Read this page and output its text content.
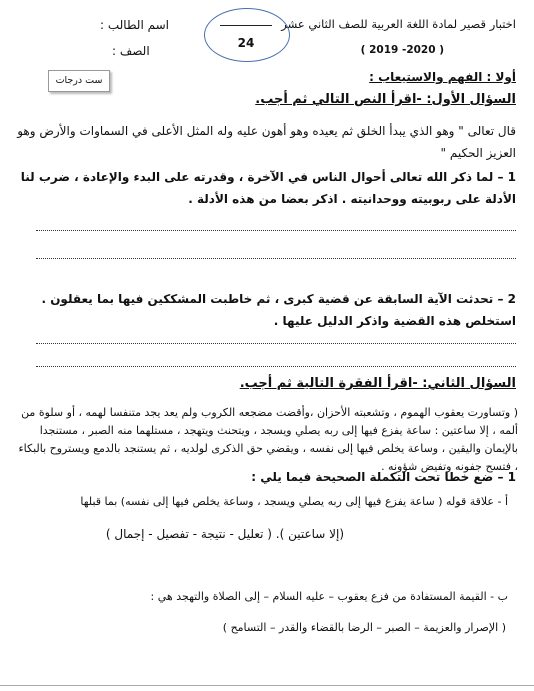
اختبار قصير لمادة اللغة العربية للصف الثاني عشر
( 2019 -2020 )
اسم الطالب :
الصف :
24
ست درجات	أولا : الفهم والاستيعاب :
السؤال الأول: -اقرأ النص التالي ثم أجب.
قال تعالى " وهو الذي يبدأ الخلق ثم يعيده وهو أهون عليه وله المثل الأعلى في السماوات والأرض وهو العزيز الحكيم "
1 – لما ذكر الله تعالى أحوال الناس في الآخرة ، وقدرته على البدء والإعادة ، ضرب لنا الأدلة على ربوبيته ووحدانيته . اذكر بعضا من هذه الأدلة .
2 – تحدثت الآية السابقة عن قضية كبرى ، ثم خاطبت المشككين فيها بما يعقلون . استخلص هذه القضية واذكر الدليل عليها .
السؤال الثاني: -اقرأ الفقرة التالية ثم أجب.
( وتساورت يعقوب الهموم ، وتشعبته الأحزان ،وأقضت مضجعه الكروب ولم يعد يجد متنفسا لهمه ، أو سلوة من ألمه ، إلا ساعتين : ساعة يفزع فيها إلى ربه يصلي ويسجد ، ويتحنث ويتهجد ، مستلهما منه الصبر ، مستنجدا بالإيمان واليقين ، وساعة يخلص فيها إلى نفسه ، ويقضي حق الذكرى لولديه ، ثم يستنجد بالدمع ويستروح بالبكاء ، فتسح جفونه وتفيض شؤونه .
1 – ضع خطا تحت التكملة الصحيحة فيما يلي :
أ - علاقة قوله ( ساعة يفزع فيها إلى ربه يصلي ويسجد ، وساعة يخلص فيها إلى نفسه) بما قبلها
(إلا ساعتين ). ( تعليل - نتيجة - تفصيل - إجمال )
ب - القيمة المستفادة من فزع يعقوب – عليه السلام – إلى الصلاة والتهجد هي :
( الإصرار والعزيمة – الصبر – الرضا بالقضاء والقدر – التسامح )
